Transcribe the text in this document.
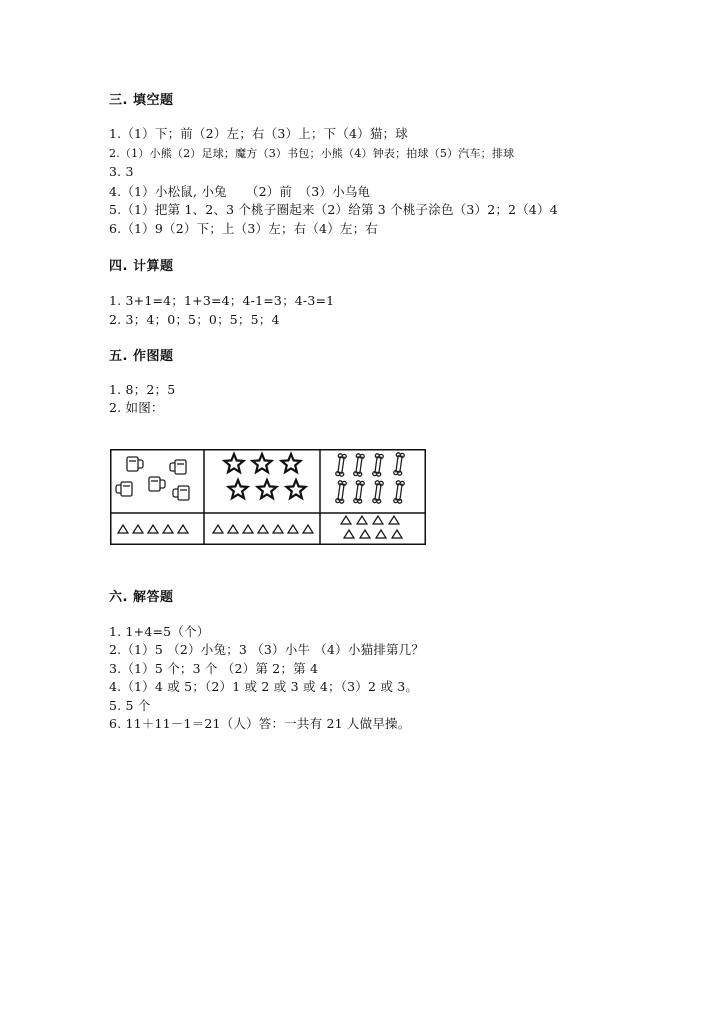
三. 填空题
1.（1）下；前（2）左；右（3）上；下（4）猫；球
2.（1）小熊（2）足球；魔方（3）书包；小熊（4）钟表；拍球（5）汽车；排球
3. 3
4.（1）小松鼠, 小兔　　（2）前　（3）小乌龟
5.（1）把第 1、2、3 个桃子圈起来（2）给第 3 个桃子涂色（3）2；2（4）4
6.（1）9（2）下；上（3）左；右（4）左；右
四. 计算题
1. 3+1=4；1+3=4；4-1=3；4-3=1
2. 3；4；0；5；0；5；5；4
五. 作图题
1. 8；2；5
2. 如图：
六. 解答题
1. 1+4=5（个）
2.（1）5 （2）小兔；3 （3）小牛 （4）小猫排第几？
3.（1）5 个；3 个 （2）第 2；第 4
4.（1）4 或 5；（2）1 或 2 或 3 或 4；（3）2 或 3。
5. 5 个
6. 11＋11－1＝21（人）答：一共有 21 人做早操。
